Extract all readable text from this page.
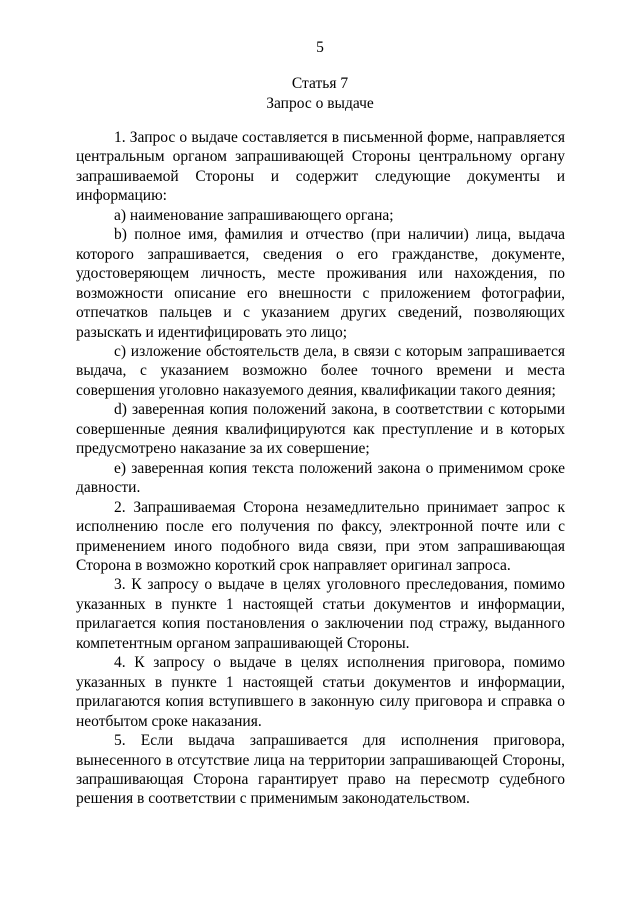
5
Статья 7
Запрос о выдаче

1. Запрос о выдаче составляется в письменной форме, направляется центральным органом запрашивающей Стороны центральному органу запрашиваемой Стороны и содержит следующие документы и информацию:

a) наименование запрашивающего органа;

b) полное имя, фамилия и отчество (при наличии) лица, выдача которого запрашивается, сведения о его гражданстве, документе, удостоверяющем личность, месте проживания или нахождения, по возможности описание его внешности с приложением фотографии, отпечатков пальцев и с указанием других сведений, позволяющих разыскать и идентифицировать это лицо;

c) изложение обстоятельств дела, в связи с которым запрашивается выдача, с указанием возможно более точного времени и места совершения уголовно наказуемого деяния, квалификации такого деяния;

d) заверенная копия положений закона, в соответствии с которыми совершенные деяния квалифицируются как преступление и в которых предусмотрено наказание за их совершение;

e) заверенная копия текста положений закона о применимом сроке давности.

2. Запрашиваемая Сторона незамедлительно принимает запрос к исполнению после его получения по факсу, электронной почте или с применением иного подобного вида связи, при этом запрашивающая Сторона в возможно короткий срок направляет оригинал запроса.

3. К запросу о выдаче в целях уголовного преследования, помимо указанных в пункте 1 настоящей статьи документов и информации, прилагается копия постановления о заключении под стражу, выданного компетентным органом запрашивающей Стороны.

4. К запросу о выдаче в целях исполнения приговора, помимо указанных в пункте 1 настоящей статьи документов и информации, прилагаются копия вступившего в законную силу приговора и справка о неотбытом сроке наказания.

5. Если выдача запрашивается для исполнения приговора, вынесенного в отсутствие лица на территории запрашивающей Стороны, запрашивающая Сторона гарантирует право на пересмотр судебного решения в соответствии с применимым законодательством.
